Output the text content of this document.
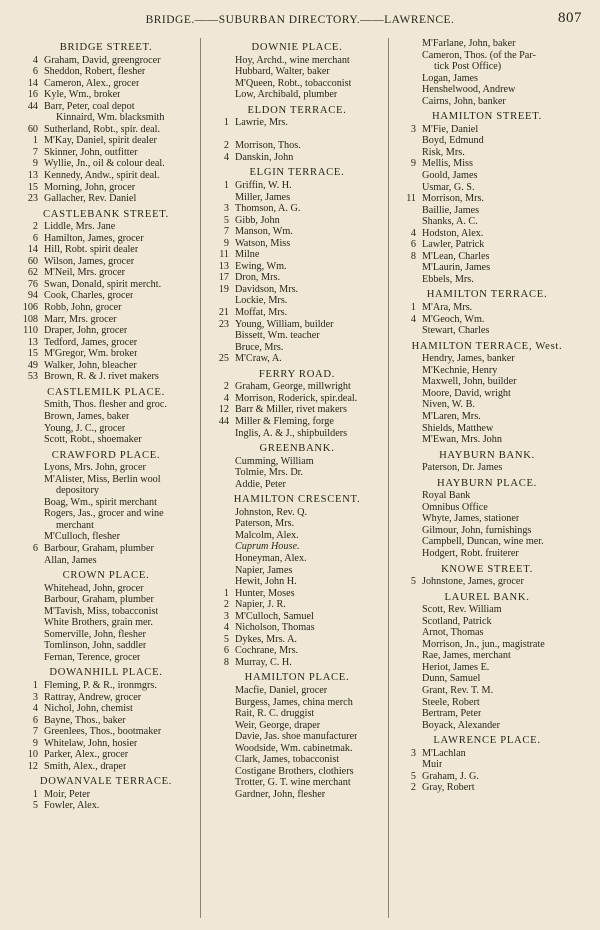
BRIDGE.——SUBURBAN DIRECTORY.——LAWRENCE.	807
BRIDGE STREET.
4 Graham, David, greengrocer
6 Sheddon, Robert, flesher
14 Cameron, Alex., grocer
16 Kyle, Wm., broker
44 Barr, Peter, coal depot
Kinnaird, Wm. blacksmith
60 Sutherland, Robt., spir. deal.
1 M'Kay, Daniel, spirit dealer
7 Skinner, John, outfitter
9 Wyllie, Jn., oil & colour deal.
13 Kennedy, Andw., spirit deal.
15 Morning, John, grocer
23 Gallacher, Rev. Daniel
CASTLEBANK STREET.
2 Liddle, Mrs. Jane
6 Hamilton, James, grocer
14 Hill, Robt. spirit dealer
60 Wilson, James, grocer
62 M'Neil, Mrs. grocer
76 Swan, Donald, spirit mercht.
94 Cook, Charles, grocer
106 Robb, John, grocer
108 Marr, Mrs. grocer
110 Draper, John, grocer
13 Tedford, James, grocer
15 M'Gregor, Wm. broker
49 Walker, John, bleacher
53 Brown, R. & J. rivet makers
CASTLEMILK PLACE.
Smith, Thos. flesher and groc.
Brown, James, baker
Young, J. C., grocer
Scott, Robt., shoemaker
CRAWFORD PLACE.
Lyons, Mrs. John, grocer
M'Alister, Miss, Berlin wool
depository
Boag, Wm., spirit merchant
Rogers, Jas., grocer and wine
merchant
M'Culloch, flesher
6 Barbour, Graham, plumber
Allan, James
CROWN PLACE.
Whitehead, John, grocer
Barbour, Graham, plumber
M'Tavish, Miss, tobacconist
White Brothers, grain mer.
Somerville, John, flesher
Tomlinson, John, saddler
Fernan, Terence, grocer
DOWANHILL PLACE.
1 Fleming, P. & R., ironmgrs.
3 Rattray, Andrew, grocer
4 Nichol, John, chemist
6 Bayne, Thos., baker
7 Greenlees, Thos., bootmaker
9 Whitelaw, John, hosier
10 Parker, Alex., grocer
12 Smith, Alex., draper
DOWANVALE TERRACE.
1 Moir, Peter
5 Fowler, Alex.
DOWNIE PLACE.
Hoy, Archd., wine merchant
Hubbard, Walter, baker
M'Queen, Robt., tobacconist
Low, Archibald, plumber
ELDON TERRACE.
1 Lawrie, Mrs.

2 Morrison, Thos.
4 Danskin, John
ELGIN TERRACE.
1 Griffin, W. H.
Miller, James
3 Thomson, A. G.
5 Gibb, John
7 Manson, Wm.
9 Watson, Miss
11 Milne
13 Ewing, Wm.
17 Dron, Mrs.
19 Davidson, Mrs.
Lockie, Mrs.
21 Moffat, Mrs.
23 Young, William, builder
Bissett, Wm. teacher
Bruce, Mrs.
25 M'Craw, A.
FERRY ROAD.
2 Graham, George, millwright
4 Morrison, Roderick, spir.deal.
12 Barr & Miller, rivet makers
44 Miller & Fleming, forge
Inglis, A. & J., shipbuilders
GREENBANK.
Cumming, William
Tolmie, Mrs. Dr.
Addie, Peter
HAMILTON CRESCENT.
Johnston, Rev. Q.
Paterson, Mrs.
Malcolm, Alex.
Cuprum House.
Honeyman, Alex.
Napier, James
Hewit, John H.
1 Hunter, Moses
2 Napier, J. R.
3 M'Culloch, Samuel
4 Nicholson, Thomas
5 Dykes, Mrs. A.
6 Cochrane, Mrs.
8 Murray, C. H.
HAMILTON PLACE.
Macfie, Daniel, grocer
Burgess, James, china merch
Rait, R. C. druggist
Weir, George, draper
Davie, Jas. shoe manufacturer
Woodside, Wm. cabinetmak.
Clark, James, tobacconist
Costigane Brothers, clothiers
Trotter, G. T. wine merchant
Gardner, John, flesher
M'Farlane, John, baker
Cameron, Thos. (of the Par-
tick Post Office)
Logan, James
Henshelwood, Andrew
Cairns, John, banker
HAMILTON STREET.
3 M'Fie, Daniel
Boyd, Edmund
Risk, Mrs.
9 Mellis, Miss
Goold, James
Usmar, G. S.
11 Morrison, Mrs.
Baillie, James
Shanks, A. C.
4 Hodston, Alex.
6 Lawler, Patrick
8 M'Lean, Charles
M'Laurin, James
Ebbels, Mrs.
HAMILTON TERRACE.
1 M'Ara, Mrs.
4 M'Geoch, Wm.
Stewart, Charles
HAMILTON TERRACE, West.
Hendry, James, banker
M'Kechnie, Henry
Maxwell, John, builder
Moore, David, wright
Niven, W. B.
M'Laren, Mrs.
Shields, Matthew
M'Ewan, Mrs. John
HAYBURN BANK.
Paterson, Dr. James
HAYBURN PLACE.
Royal Bank
Omnibus Office
Whyte, James, stationer
Gilmour, John, furnishings
Campbell, Duncan, wine mer.
Hodgert, Robt. fruiterer
KNOWE STREET.
5 Johnstone, James, grocer
LAUREL BANK.
Scott, Rev. William
Scotland, Patrick
Arnot, Thomas
Morrison, Jn., jun., magistrate
Rae, James, merchant
Heriot, James E.
Dunn, Samuel
Grant, Rev. T. M.
Steele, Robert
Bertram, Peter
Boyack, Alexander
LAWRENCE PLACE.
3 M'Lachlan
Muir
5 Graham, J. G.
2 Gray, Robert
